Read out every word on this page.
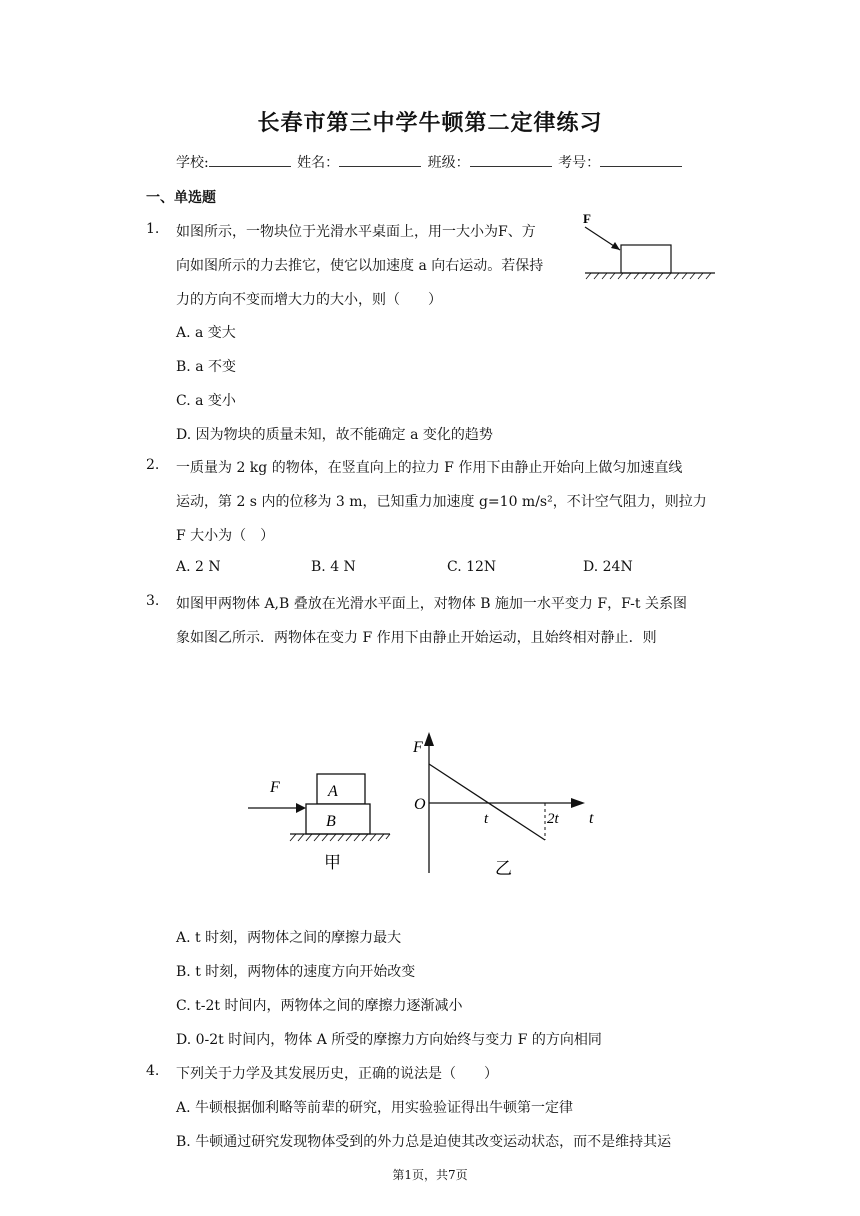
长春市第三中学牛顿第二定律练习
学校:	姓名：	班级：	考号：
一、单选题
1. 如图所示，一物块位于光滑水平桌面上，用一大小为F、方
向如图所示的力去推它，使它以加速度 a 向右运动。若保持
力的方向不变而增大力的大小，则（　　）
F
A. a 变大
B. a 不变
C. a 变小
D. 因为物块的质量未知，故不能确定 a 变化的趋势
2. 一质量为 2 kg 的物体，在竖直向上的拉力 F 作用下由静止开始向上做匀加速直线
运动，第 2 s 内的位移为 3 m，已知重力加速度 g=10 m/s²，不计空气阻力，则拉力
F 大小为（　）
A. 2 N	B. 4 N	C. 12N	D. 24N
3. 如图甲两物体 A,B 叠放在光滑水平面上，对物体 B 施加一水平变力 F，F-t 关系图
象如图乙所示．两物体在变力 F 作用下由静止开始运动，且始终相对静止．则
F	A
B
甲
F
O
t	2t t
乙
A. t 时刻，两物体之间的摩擦力最大
B. t 时刻，两物体的速度方向开始改变
C. t-2t 时间内，两物体之间的摩擦力逐渐减小
D. 0-2t 时间内，物体 A 所受的摩擦力方向始终与变力 F 的方向相同
4. 下列关于力学及其发展历史，正确的说法是（　　）
A. 牛顿根据伽利略等前辈的研究，用实验验证得出牛顿第一定律
B. 牛顿通过研究发现物体受到的外力总是迫使其改变运动状态，而不是维持其运
第1页，共7页
